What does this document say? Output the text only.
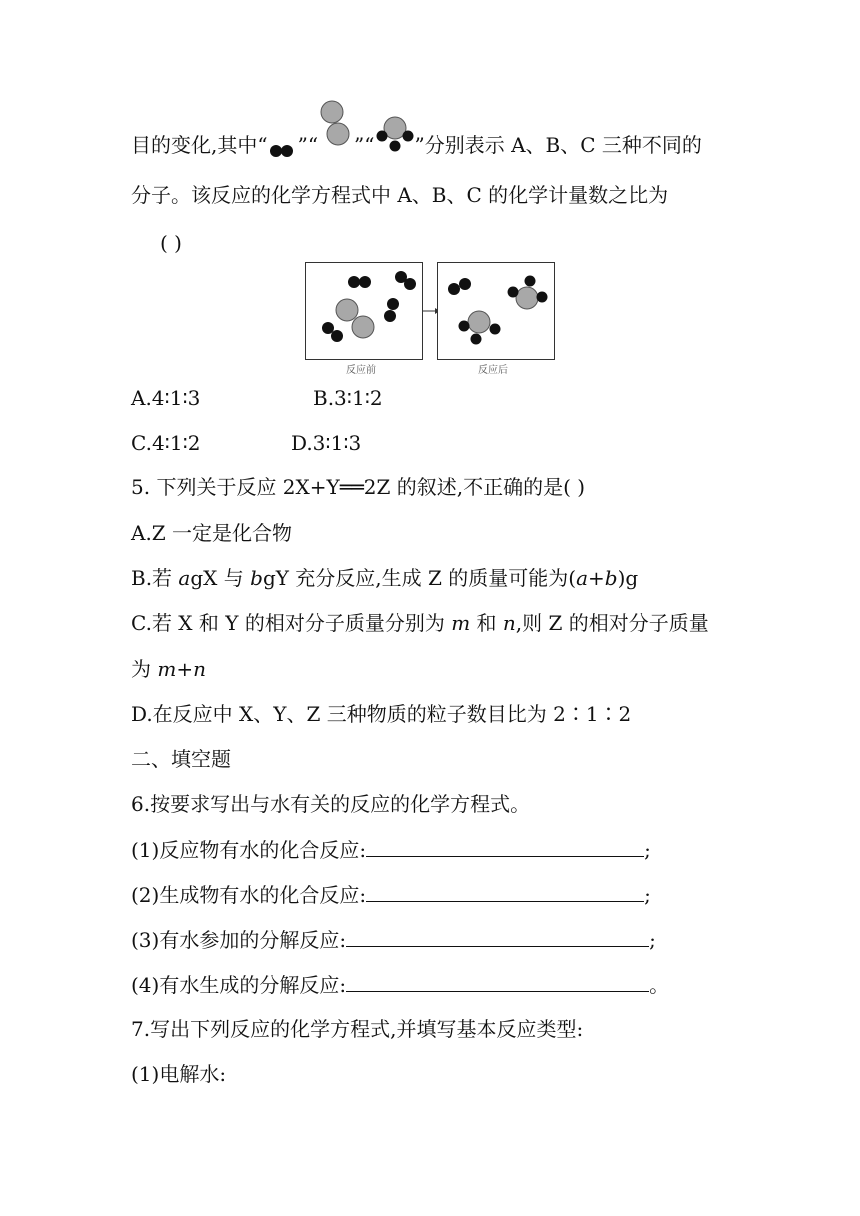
目的变化,其中“ ”“ ”“ ”分别表示 A、B、C 三种不同的
分子。该反应的化学方程式中 A、B、C 的化学计量数之比为
( )
反应前	反应后
A.4∶1∶3	B.3∶1∶2
C.4∶1∶2	D.3∶1∶3
5. 下列关于反应 2X+Y══2Z 的叙述,不正确的是( )
A.Z 一定是化合物
B.若 agX 与 bgY 充分反应,生成 Z 的质量可能为(a+b)g
C.若 X 和 Y 的相对分子质量分别为 m 和 n,则 Z 的相对分子质量
为 m+n
D.在反应中 X、Y、Z 三种物质的粒子数目比为 2∶1∶2
二、填空题
6.按要求写出与水有关的反应的化学方程式。
(1)反应物有水的化合反应:	;
(2)生成物有水的化合反应:	;
(3)有水参加的分解反应:	;
(4)有水生成的分解反应:	。
7.写出下列反应的化学方程式,并填写基本反应类型:
(1)电解水:
